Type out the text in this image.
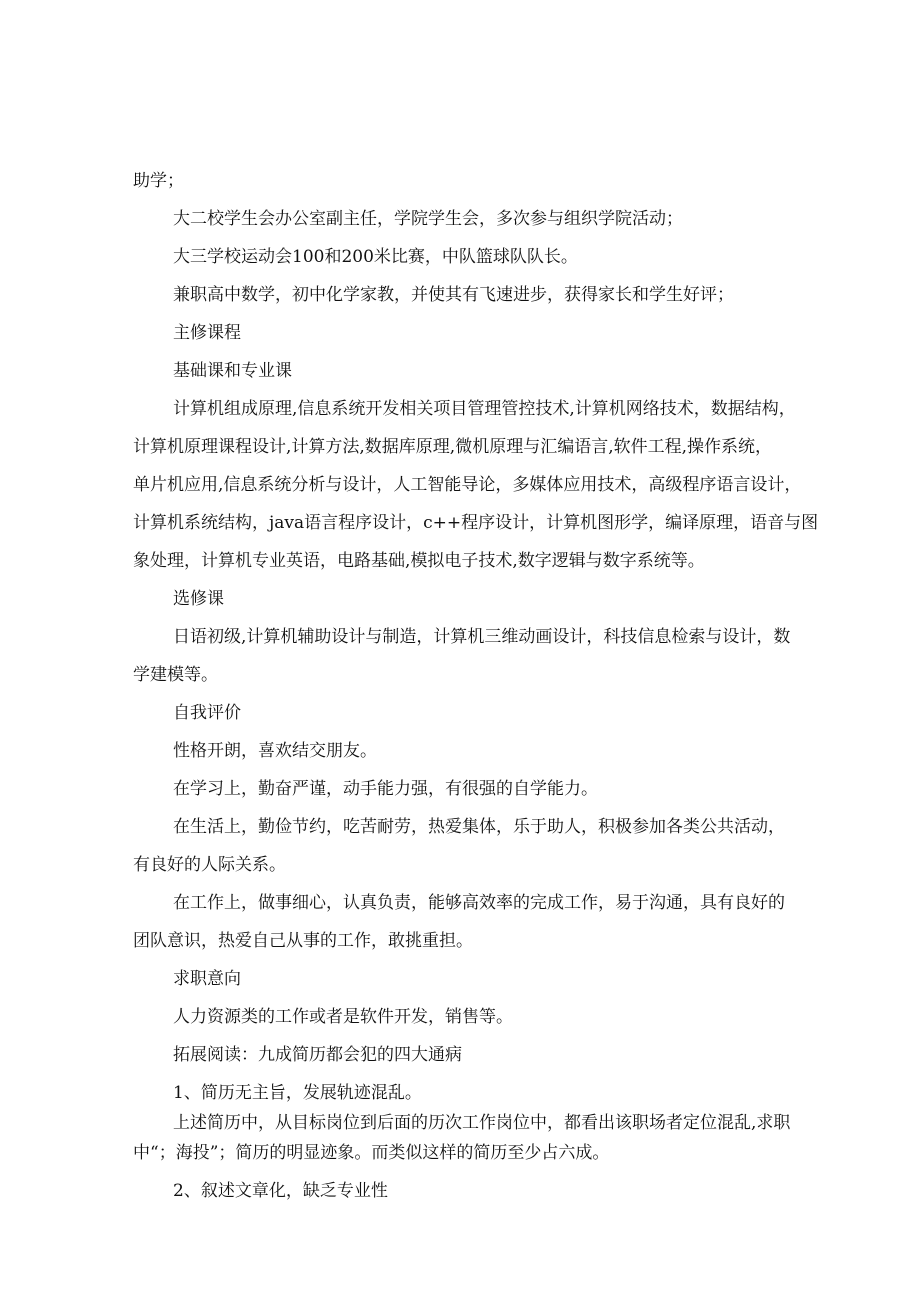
助学；

大二校学生会办公室副主任，学院学生会，多次参与组织学院活动；

大三学校运动会100和200米比赛，中队篮球队队长。

兼职高中数学，初中化学家教，并使其有飞速进步，获得家长和学生好评；

主修课程

基础课和专业课

计算机组成原理,信息系统开发相关项目管理管控技术,计算机网络技术，数据结构，

计算机原理课程设计,计算方法,数据库原理,微机原理与汇编语言,软件工程,操作系统，

单片机应用,信息系统分析与设计，人工智能导论，多媒体应用技术，高级程序语言设计，

计算机系统结构，java语言程序设计，c++程序设计，计算机图形学，编译原理，语音与图

象处理，计算机专业英语，电路基础,模拟电子技术,数字逻辑与数字系统等。

选修课

日语初级,计算机辅助设计与制造，计算机三维动画设计，科技信息检索与设计，数

学建模等。

自我评价

性格开朗，喜欢结交朋友。

在学习上，勤奋严谨，动手能力强，有很强的自学能力。

在生活上，勤俭节约，吃苦耐劳，热爱集体，乐于助人，积极参加各类公共活动，

有良好的人际关系。

在工作上，做事细心，认真负责，能够高效率的完成工作，易于沟通，具有良好的

团队意识，热爱自己从事的工作，敢挑重担。

求职意向

人力资源类的工作或者是软件开发，销售等。

拓展阅读：九成简历都会犯的四大通病

1、简历无主旨，发展轨迹混乱。

上述简历中，从目标岗位到后面的历次工作岗位中，都看出该职场者定位混乱,求职

中“；海投”；简历的明显迹象。而类似这样的简历至少占六成。

2、叙述文章化，缺乏专业性
